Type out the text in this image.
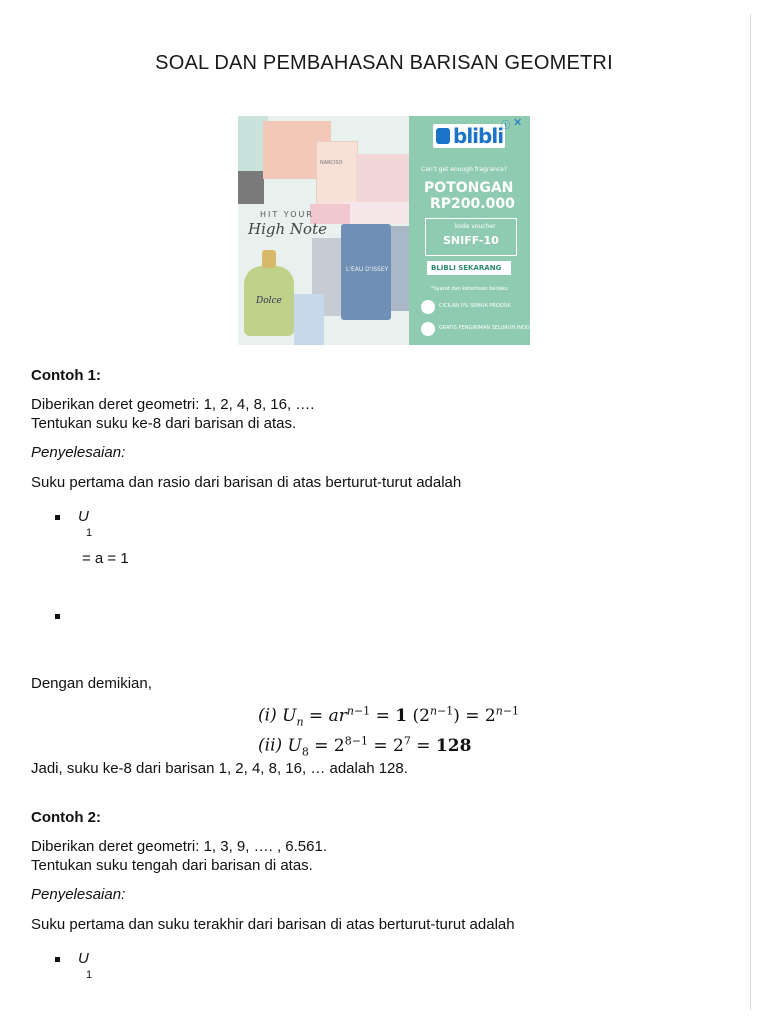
SOAL DAN PEMBAHASAN BARISAN GEOMETRI
HIT YOUR
High Note
NARCISO
Dolce
L'EAU D'ISSEY
blibli
ⓘ ✕
Can't get enough fragrance?
POTONGAN
RP200.000
kode voucher
SNIFF-10
BLIBLI SEKARANG
*Syarat dan ketentuan berlaku
CICILAN 0% SEMUA PRODUK
GRATIS PENGIRIMAN SELURUH INDONESIA
Contoh 1:
Diberikan deret geometri: 1, 2, 4, 8, 16, ….
Tentukan suku ke-8 dari barisan di atas.
Penyelesaian:
Suku pertama dan rasio dari barisan di atas berturut-turut adalah
U
1
= a = 1
Dengan demikian,
(i) $U_n = ar^{n-1} = 1$ $(2^{n-1}) = 2^{n-1}$
(ii) $U_8 = 2^{8-1} = 2^7 = 128$
Jadi, suku ke-8 dari barisan 1, 2, 4, 8, 16, … adalah 128.
Contoh 2:
Diberikan deret geometri: 1, 3, 9, …. , 6.561.
Tentukan suku tengah dari barisan di atas.
Penyelesaian:
Suku pertama dan suku terakhir dari barisan di atas berturut-turut adalah
U
1
